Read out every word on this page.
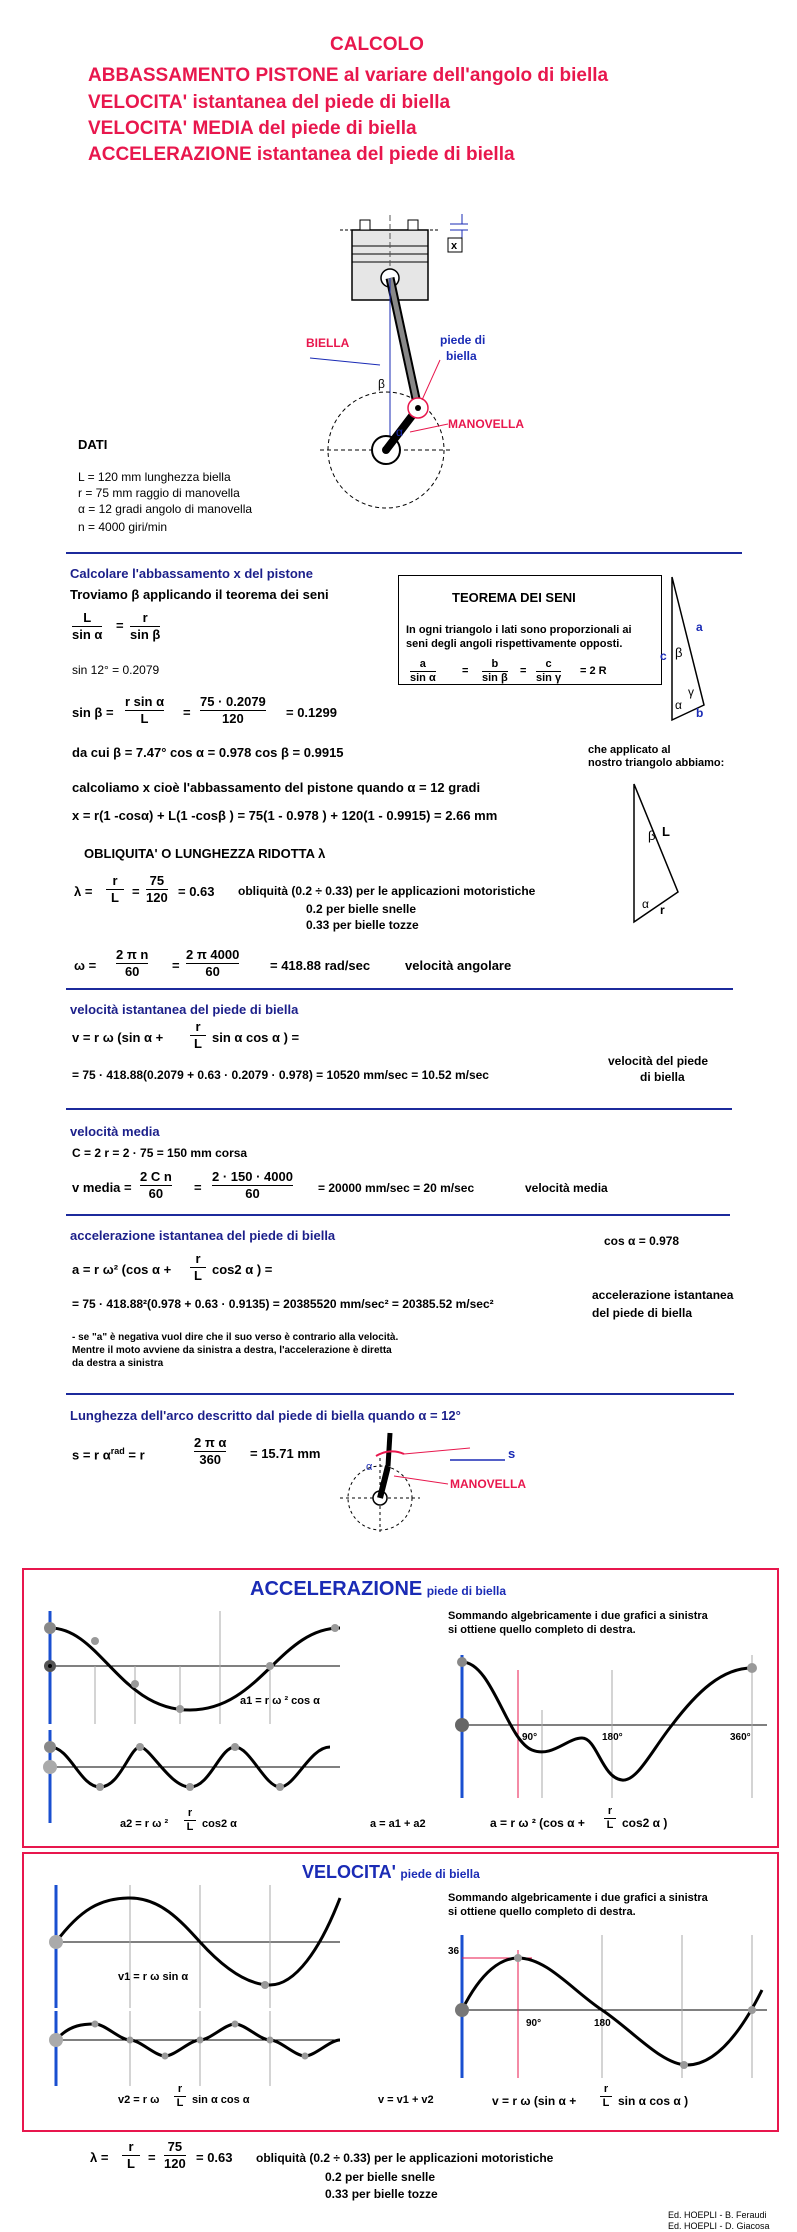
CALCOLO
ABBASSAMENTO PISTONE al variare dell'angolo di biella
VELOCITA' istantanea del piede di biella
VELOCITA' MEDIA del piede di biella
ACCELERAZIONE istantanea del piede di biella
x
BIELLA	piede di
biella
MANOVELLA
β
α
DATI
L = 120 mm lunghezza biella
r = 75 mm raggio di manovella
α = 12 gradi angolo di manovella
n = 4000 giri/min
Calcolare l'abbassamento x del pistone
Troviamo β applicando il teorema dei seni
L
sin α
=
r
sin β
sin 12° = 0.2079
sin β =
r sin α
L	=
75 · 0.2079
120	= 0.1299
da cui β = 7.47° cos α = 0.978 cos β = 0.9915
calcoliamo x cioè l'abbassamento del pistone quando α = 12 gradi
x = r(1 -cosα) + L(1 -cosβ ) = 75(1 - 0.978 ) + 120(1 - 0.9915) = 2.66 mm
OBLIQUITA' O LUNGHEZZA RIDOTTA λ
λ =
r
L =
75
120 = 0.63 obliquità (0.2 ÷ 0.33) per le applicazioni motoristiche
0.2 per bielle snelle
0.33 per bielle tozze
ω =
2 π n
60	=
2 π 4000
60	= 418.88 rad/sec	velocità angolare
TEOREMA DEI SENI
In ogni triangolo i lati sono proporzionali ai
seni degli angoli rispettivamente opposti.
a
sin α
=
b
sin β
=
c
sin γ
= 2 R
a
c
b
β
γ
α
che applicato al
nostro triangolo abbiamo:
L
β
α r
velocità istantanea del piede di biella
v = r ω (sin α +
r
L sin α cos α ) =
= 75 · 418.88(0.2079 + 0.63 · 0.2079 · 0.978) = 10520 mm/sec = 10.52 m/sec
velocità del piede
di biella
velocità media
C = 2 r = 2 · 75 = 150 mm corsa
v media =
2 C n
60 =
2 · 150 · 4000
60	= 20000 mm/sec = 20 m/sec	velocità media
accelerazione istantanea del piede di biella	cos α = 0.978
a = r ω² (cos α +
r
L cos2 α ) =
= 75 · 418.88²(0.978 + 0.63 · 0.9135) = 20385520 mm/sec² = 20385.52 m/sec²
accelerazione istantanea
del piede di biella
- se "a" è negativa vuol dire che il suo verso è contrario alla velocità.
Mentre il moto avviene da sinistra a destra, l'accelerazione è diretta
da destra a sinistra
Lunghezza dell'arco descritto dal piede di biella quando α = 12°
s = r $\alpha^{rad} = r$
2 π α
360 = 15.71 mm	s
α
MANOVELLA
ACCELERAZIONE piede di biella
Sommando algebricamente i due grafici a sinistra
si ottiene quello completo di destra.
a1 = r ω ² cos α
a2 = r ω ²
r
L cos2 α	a = a1 + a2
90°	180°	360°
a = r ω ² (cos α +
r
L cos2 α )
VELOCITA' piede di biella
Sommando algebricamente i due grafici a sinistra
si ottiene quello completo di destra.
v1 = r ω sin α
v2 = r ω
r
L sin α cos α	v = v1 + v2
36
90°	180
v = r ω (sin α +
r
L sin α cos α )
λ =
r
L =
75
120 = 0.63 obliquità (0.2 ÷ 0.33) per le applicazioni motoristiche
0.2 per bielle snelle
0.33 per bielle tozze
Ed. HOEPLI - B. Feraudi
Ed. HOEPLI - D. Giacosa
